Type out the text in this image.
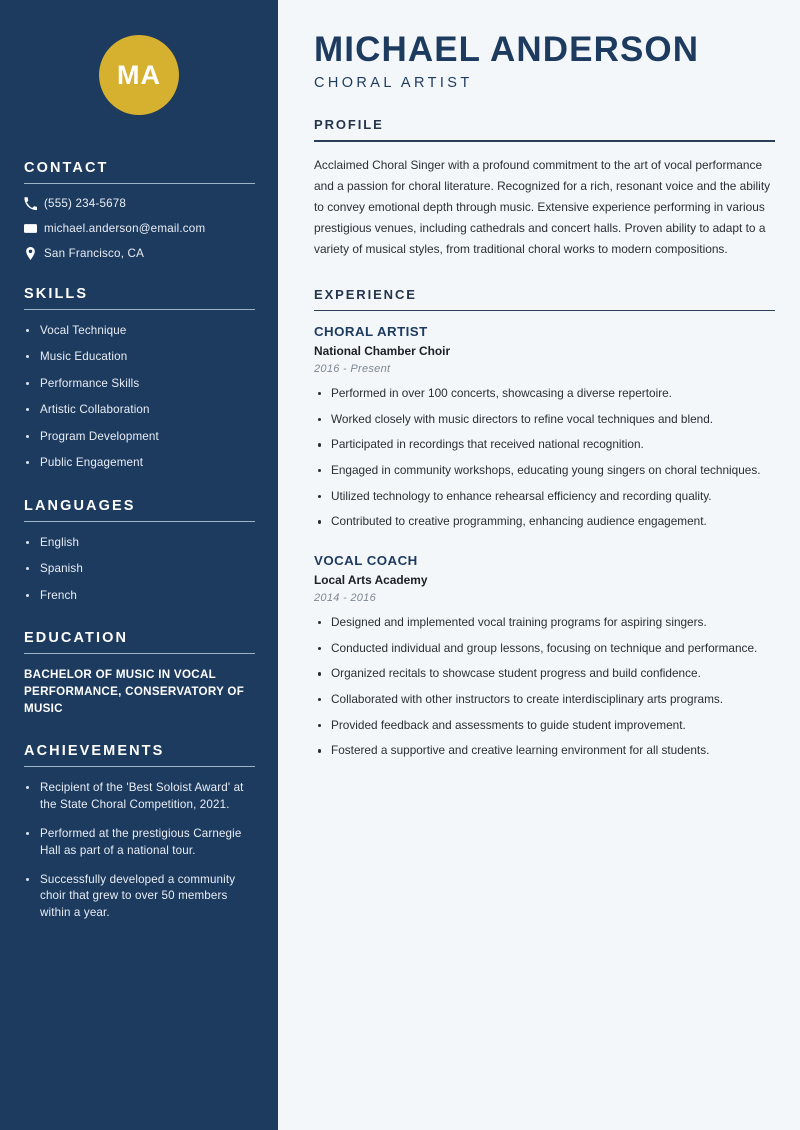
MA
CONTACT
(555) 234-5678
michael.anderson@email.com
San Francisco, CA
SKILLS
Vocal Technique
Music Education
Performance Skills
Artistic Collaboration
Program Development
Public Engagement
LANGUAGES
English
Spanish
French
EDUCATION
BACHELOR OF MUSIC IN VOCAL PERFORMANCE, CONSERVATORY OF MUSIC
ACHIEVEMENTS
Recipient of the 'Best Soloist Award' at the State Choral Competition, 2021.
Performed at the prestigious Carnegie Hall as part of a national tour.
Successfully developed a community choir that grew to over 50 members within a year.
MICHAEL ANDERSON
CHORAL ARTIST
PROFILE

Acclaimed Choral Singer with a profound commitment to the art of vocal performance and a passion for choral literature. Recognized for a rich, resonant voice and the ability to convey emotional depth through music. Extensive experience performing in various prestigious venues, including cathedrals and concert halls. Proven ability to adapt to a variety of musical styles, from traditional choral works to modern compositions.

EXPERIENCE
CHORAL ARTIST
National Chamber Choir
2016 - Present
Performed in over 100 concerts, showcasing a diverse repertoire.
Worked closely with music directors to refine vocal techniques and blend.
Participated in recordings that received national recognition.
Engaged in community workshops, educating young singers on choral techniques.
Utilized technology to enhance rehearsal efficiency and recording quality.
Contributed to creative programming, enhancing audience engagement.
VOCAL COACH
Local Arts Academy
2014 - 2016
Designed and implemented vocal training programs for aspiring singers.
Conducted individual and group lessons, focusing on technique and performance.
Organized recitals to showcase student progress and build confidence.
Collaborated with other instructors to create interdisciplinary arts programs.
Provided feedback and assessments to guide student improvement.
Fostered a supportive and creative learning environment for all students.
